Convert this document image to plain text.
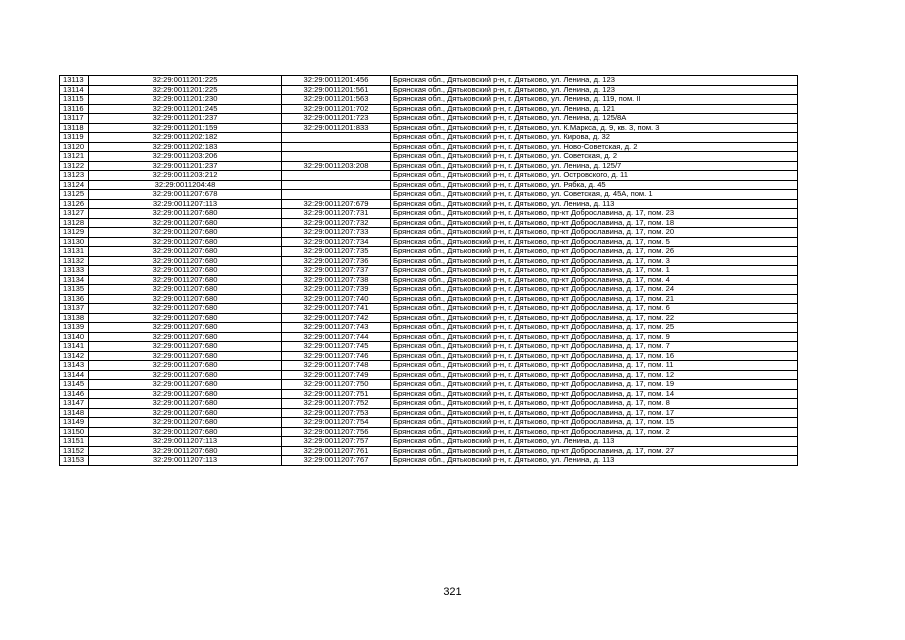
13113	32:29:0011201:225	32:29:0011201:456	Брянская обл., Дятьковский р-н, г. Дятьково, ул. Ленина, д. 123
13114	32:29:0011201:225	32:29:0011201:561	Брянская обл., Дятьковский р-н, г. Дятьково, ул. Ленина, д. 123
13115	32:29:0011201:230	32:29:0011201:563	Брянская обл., Дятьковский р-н, г. Дятьково, ул. Ленина, д. 119, пом. II
13116	32:29:0011201:245	32:29:0011201:702	Брянская обл., Дятьковский р-н, г. Дятьково, ул. Ленина, д. 121
13117	32:29:0011201:237	32:29:0011201:723	Брянская обл., Дятьковский р-н, г. Дятьково, ул. Ленина, д. 125/8А
13118	32:29:0011201:159	32:29:0011201:833	Брянская обл., Дятьковский р-н, г. Дятьково, ул. К.Маркса, д. 9, кв. 3, пом. 3
13119	32:29:0011202:182		Брянская обл., Дятьковский р-н, г. Дятьково, ул. Кирова, д. 32
13120	32:29:0011202:183		Брянская обл., Дятьковский р-н, г. Дятьково, ул. Ново-Советская, д. 2
13121	32:29:0011203:206		Брянская обл., Дятьковский р-н, г. Дятьково, ул. Советская, д. 2
13122	32:29:0011201:237	32:29:0011203:208	Брянская обл., Дятьковский р-н, г. Дятьково, ул. Ленина, д. 125/7
13123	32:29:0011203:212		Брянская обл., Дятьковский р-н, г. Дятьково, ул. Островского, д. 11
13124	32:29:0011204:48		Брянская обл., Дятьковский р-н, г. Дятьково, ул. Рябка, д. 45
13125	32:29:0011207:678		Брянская обл., Дятьковский р-н, г. Дятьково, ул. Советская, д. 45А, пом. 1
13126	32:29:0011207:113	32:29:0011207:679	Брянская обл., Дятьковский р-н, г. Дятьково, ул. Ленина, д. 113
13127	32:29:0011207:680	32:29:0011207:731	Брянская обл., Дятьковский р-н, г. Дятьково, пр-кт Доброславина, д. 17, пом. 23
13128	32:29:0011207:680	32:29:0011207:732	Брянская обл., Дятьковский р-н, г. Дятьково, пр-кт Доброславина, д. 17, пом. 18
13129	32:29:0011207:680	32:29:0011207:733	Брянская обл., Дятьковский р-н, г. Дятьково, пр-кт Доброславина, д. 17, пом. 20
13130	32:29:0011207:680	32:29:0011207:734	Брянская обл., Дятьковский р-н, г. Дятьково, пр-кт Доброславина, д. 17, пом. 5
13131	32:29:0011207:680	32:29:0011207:735	Брянская обл., Дятьковский р-н, г. Дятьково, пр-кт Доброславина, д. 17, пом. 26
13132	32:29:0011207:680	32:29:0011207:736	Брянская обл., Дятьковский р-н, г. Дятьково, пр-кт Доброславина, д. 17, пом. 3
13133	32:29:0011207:680	32:29:0011207:737	Брянская обл., Дятьковский р-н, г. Дятьково, пр-кт Доброславина, д. 17, пом. 1
13134	32:29:0011207:680	32:29:0011207:738	Брянская обл., Дятьковский р-н, г. Дятьково, пр-кт Доброславина, д. 17, пом. 4
13135	32:29:0011207:680	32:29:0011207:739	Брянская обл., Дятьковский р-н, г. Дятьково, пр-кт Доброславина, д. 17, пом. 24
13136	32:29:0011207:680	32:29:0011207:740	Брянская обл., Дятьковский р-н, г. Дятьково, пр-кт Доброславина, д. 17, пом. 21
13137	32:29:0011207:680	32:29:0011207:741	Брянская обл., Дятьковский р-н, г. Дятьково, пр-кт Доброславина, д. 17, пом. 6
13138	32:29:0011207:680	32:29:0011207:742	Брянская обл., Дятьковский р-н, г. Дятьково, пр-кт Доброславина, д. 17, пом. 22
13139	32:29:0011207:680	32:29:0011207:743	Брянская обл., Дятьковский р-н, г. Дятьково, пр-кт Доброславина, д. 17, пом. 25
13140	32:29:0011207:680	32:29:0011207:744	Брянская обл., Дятьковский р-н, г. Дятьково, пр-кт Доброславина, д. 17, пом. 9
13141	32:29:0011207:680	32:29:0011207:745	Брянская обл., Дятьковский р-н, г. Дятьково, пр-кт Доброславина, д. 17, пом. 7
13142	32:29:0011207:680	32:29:0011207:746	Брянская обл., Дятьковский р-н, г. Дятьково, пр-кт Доброславина, д. 17, пом. 16
13143	32:29:0011207:680	32:29:0011207:748	Брянская обл., Дятьковский р-н, г. Дятьково, пр-кт Доброславина, д. 17, пом. 11
13144	32:29:0011207:680	32:29:0011207:749	Брянская обл., Дятьковский р-н, г. Дятьково, пр-кт Доброславина, д. 17, пом. 12
13145	32:29:0011207:680	32:29:0011207:750	Брянская обл., Дятьковский р-н, г. Дятьково, пр-кт Доброславина, д. 17, пом. 19
13146	32:29:0011207:680	32:29:0011207:751	Брянская обл., Дятьковский р-н, г. Дятьково, пр-кт Доброславина, д. 17, пом. 14
13147	32:29:0011207:680	32:29:0011207:752	Брянская обл., Дятьковский р-н, г. Дятьково, пр-кт Доброславина, д. 17, пом. 8
13148	32:29:0011207:680	32:29:0011207:753	Брянская обл., Дятьковский р-н, г. Дятьково, пр-кт Доброславина, д. 17, пом. 17
13149	32:29:0011207:680	32:29:0011207:754	Брянская обл., Дятьковский р-н, г. Дятьково, пр-кт Доброславина, д. 17, пом. 15
13150	32:29:0011207:680	32:29:0011207:756	Брянская обл., Дятьковский р-н, г. Дятьково, пр-кт Доброславина, д. 17, пом. 2
13151	32:29:0011207:113	32:29:0011207:757	Брянская обл., Дятьковский р-н, г. Дятьково, ул. Ленина, д. 113
13152	32:29:0011207:680	32:29:0011207:761	Брянская обл., Дятьковский р-н, г. Дятьково, пр-кт Доброславина, д. 17, пом. 27
13153	32:29:0011207:113	32:29:0011207:767	Брянская обл., Дятьковский р-н, г. Дятьково, ул. Ленина, д. 113
321
